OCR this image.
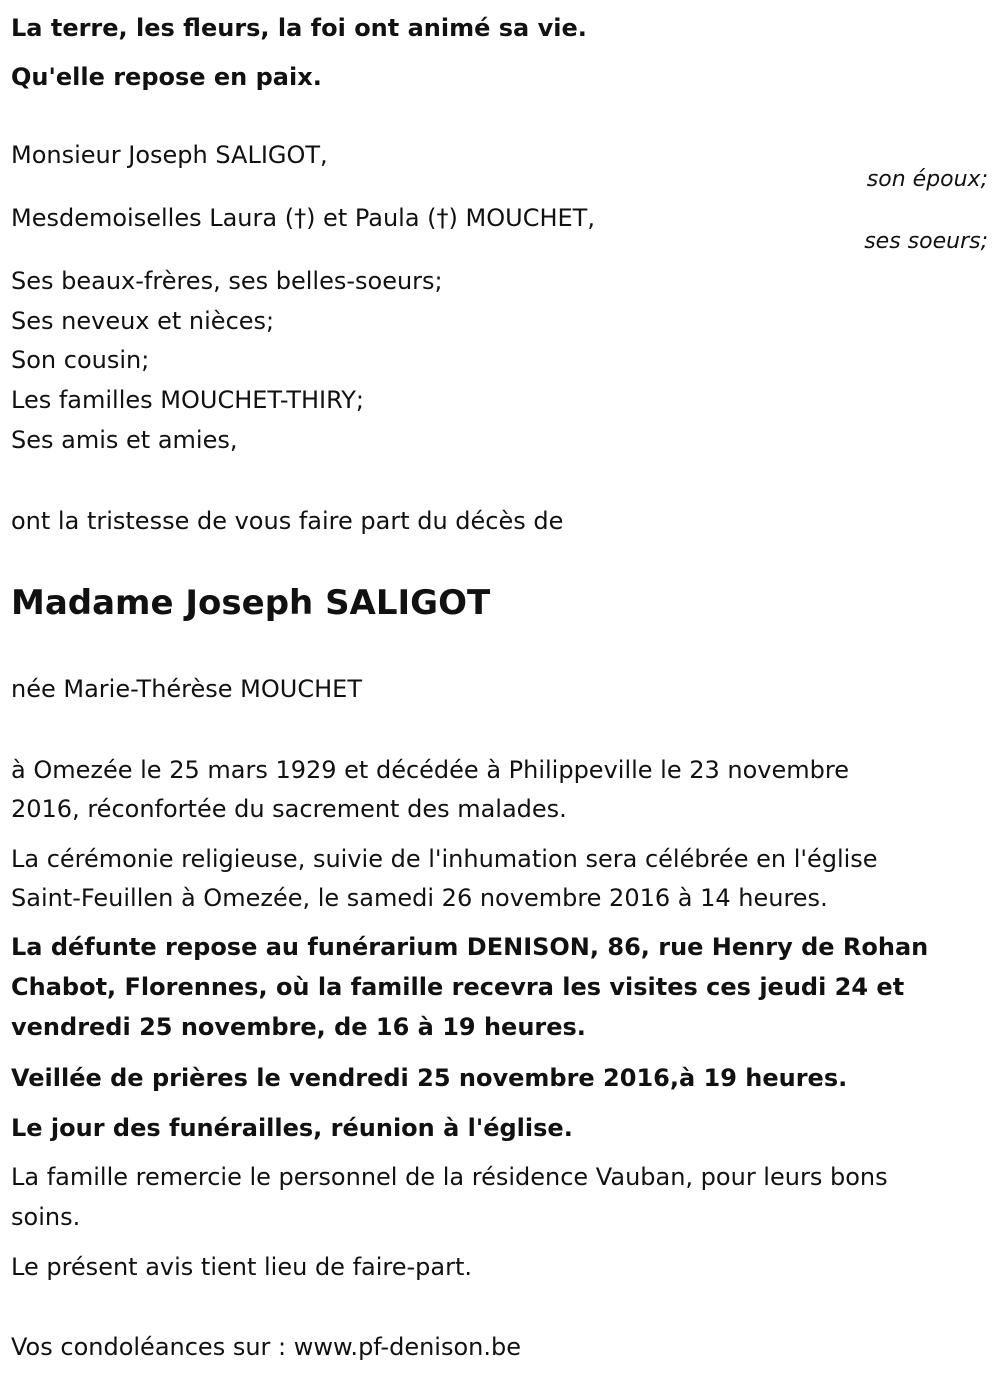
La terre, les fleurs, la foi ont animé sa vie.
Qu'elle repose en paix.
Monsieur Joseph SALIGOT,
son époux;
Mesdemoiselles Laura (†) et Paula (†) MOUCHET,
ses soeurs;
Ses beaux-frères, ses belles-soeurs;
Ses neveux et nièces;
Son cousin;
Les familles MOUCHET-THIRY;
Ses amis et amies,
ont la tristesse de vous faire part du décès de
Madame Joseph SALIGOT
née Marie-Thérèse MOUCHET
à Omezée le 25 mars 1929 et décédée à Philippeville le 23 novembre
2016, réconfortée du sacrement des malades.
La cérémonie religieuse, suivie de l'inhumation sera célébrée en l'église
Saint-Feuillen à Omezée, le samedi 26 novembre 2016 à 14 heures.
La défunte repose au funérarium DENISON, 86, rue Henry de Rohan
Chabot, Florennes, où la famille recevra les visites ces jeudi 24 et
vendredi 25 novembre, de 16 à 19 heures.
Veillée de prières le vendredi 25 novembre 2016,à 19 heures.
Le jour des funérailles, réunion à l'église.
La famille remercie le personnel de la résidence Vauban, pour leurs bons
soins.
Le présent avis tient lieu de faire-part.
Vos condoléances sur : www.pf-denison.be
